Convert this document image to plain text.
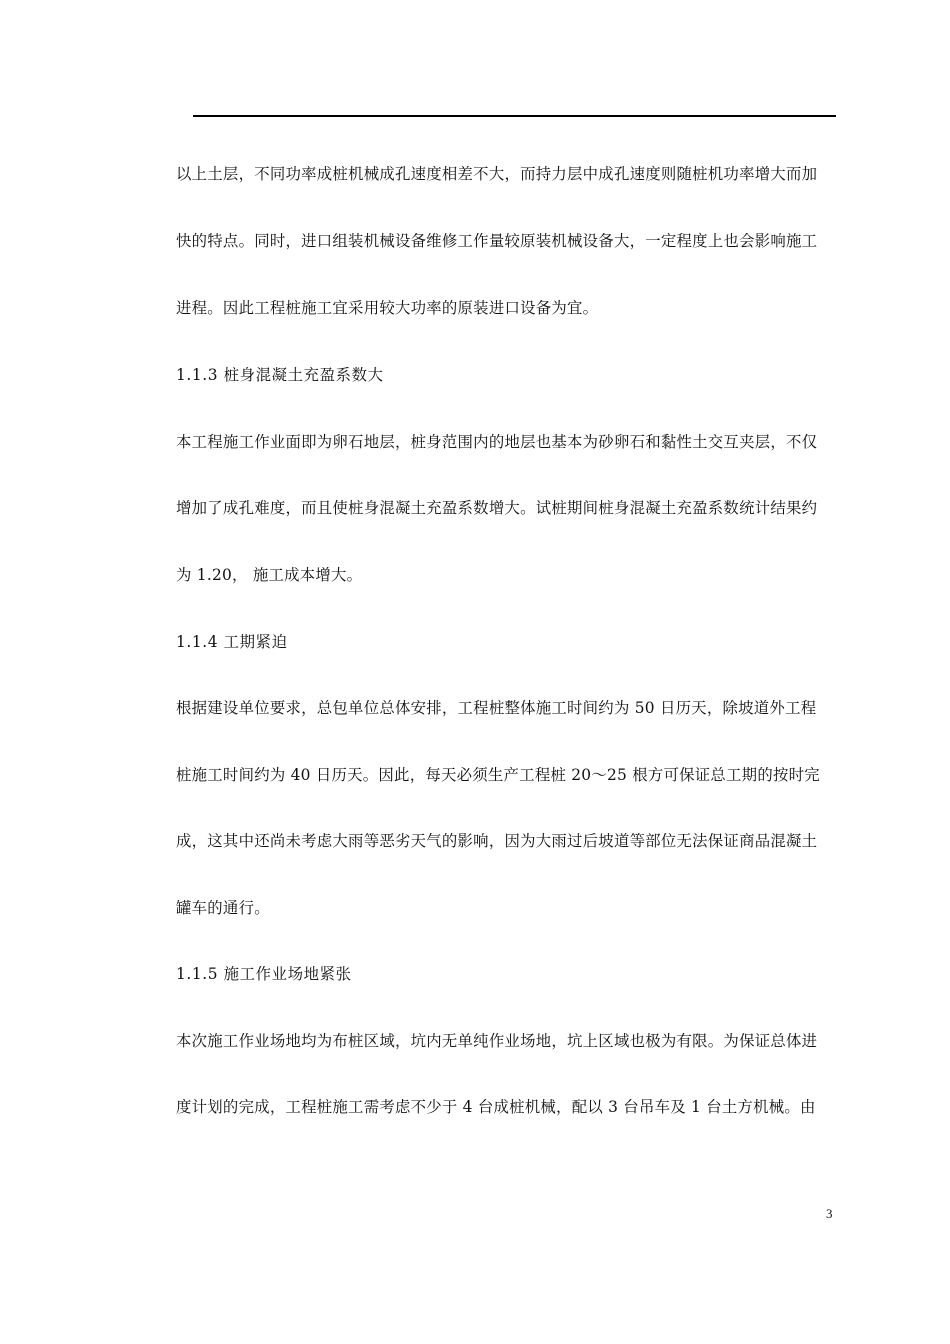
以上土层，不同功率成桩机械成孔速度相差不大，而持力层中成孔速度则随桩机功率增大而加
快的特点。同时，进口组装机械设备维修工作量较原装机械设备大，一定程度上也会影响施工
进程。因此工程桩施工宜采用较大功率的原装进口设备为宜。
1.1.3 桩身混凝土充盈系数大
本工程施工作业面即为卵石地层，桩身范围内的地层也基本为砂卵石和黏性土交互夹层，不仅
增加了成孔难度，而且使桩身混凝土充盈系数增大。试桩期间桩身混凝土充盈系数统计结果约
为 1.20， 施工成本增大。
1.1.4 工期紧迫
根据建设单位要求，总包单位总体安排，工程桩整体施工时间约为 50 日历天，除坡道外工程
桩施工时间约为 40 日历天。因此，每天必须生产工程桩 20～25 根方可保证总工期的按时完
成，这其中还尚未考虑大雨等恶劣天气的影响，因为大雨过后坡道等部位无法保证商品混凝土
罐车的通行。
1.1.5 施工作业场地紧张
本次施工作业场地均为布桩区域，坑内无单纯作业场地，坑上区域也极为有限。为保证总体进
度计划的完成，工程桩施工需考虑不少于 4 台成桩机械，配以 3 台吊车及 1 台土方机械。由
3
